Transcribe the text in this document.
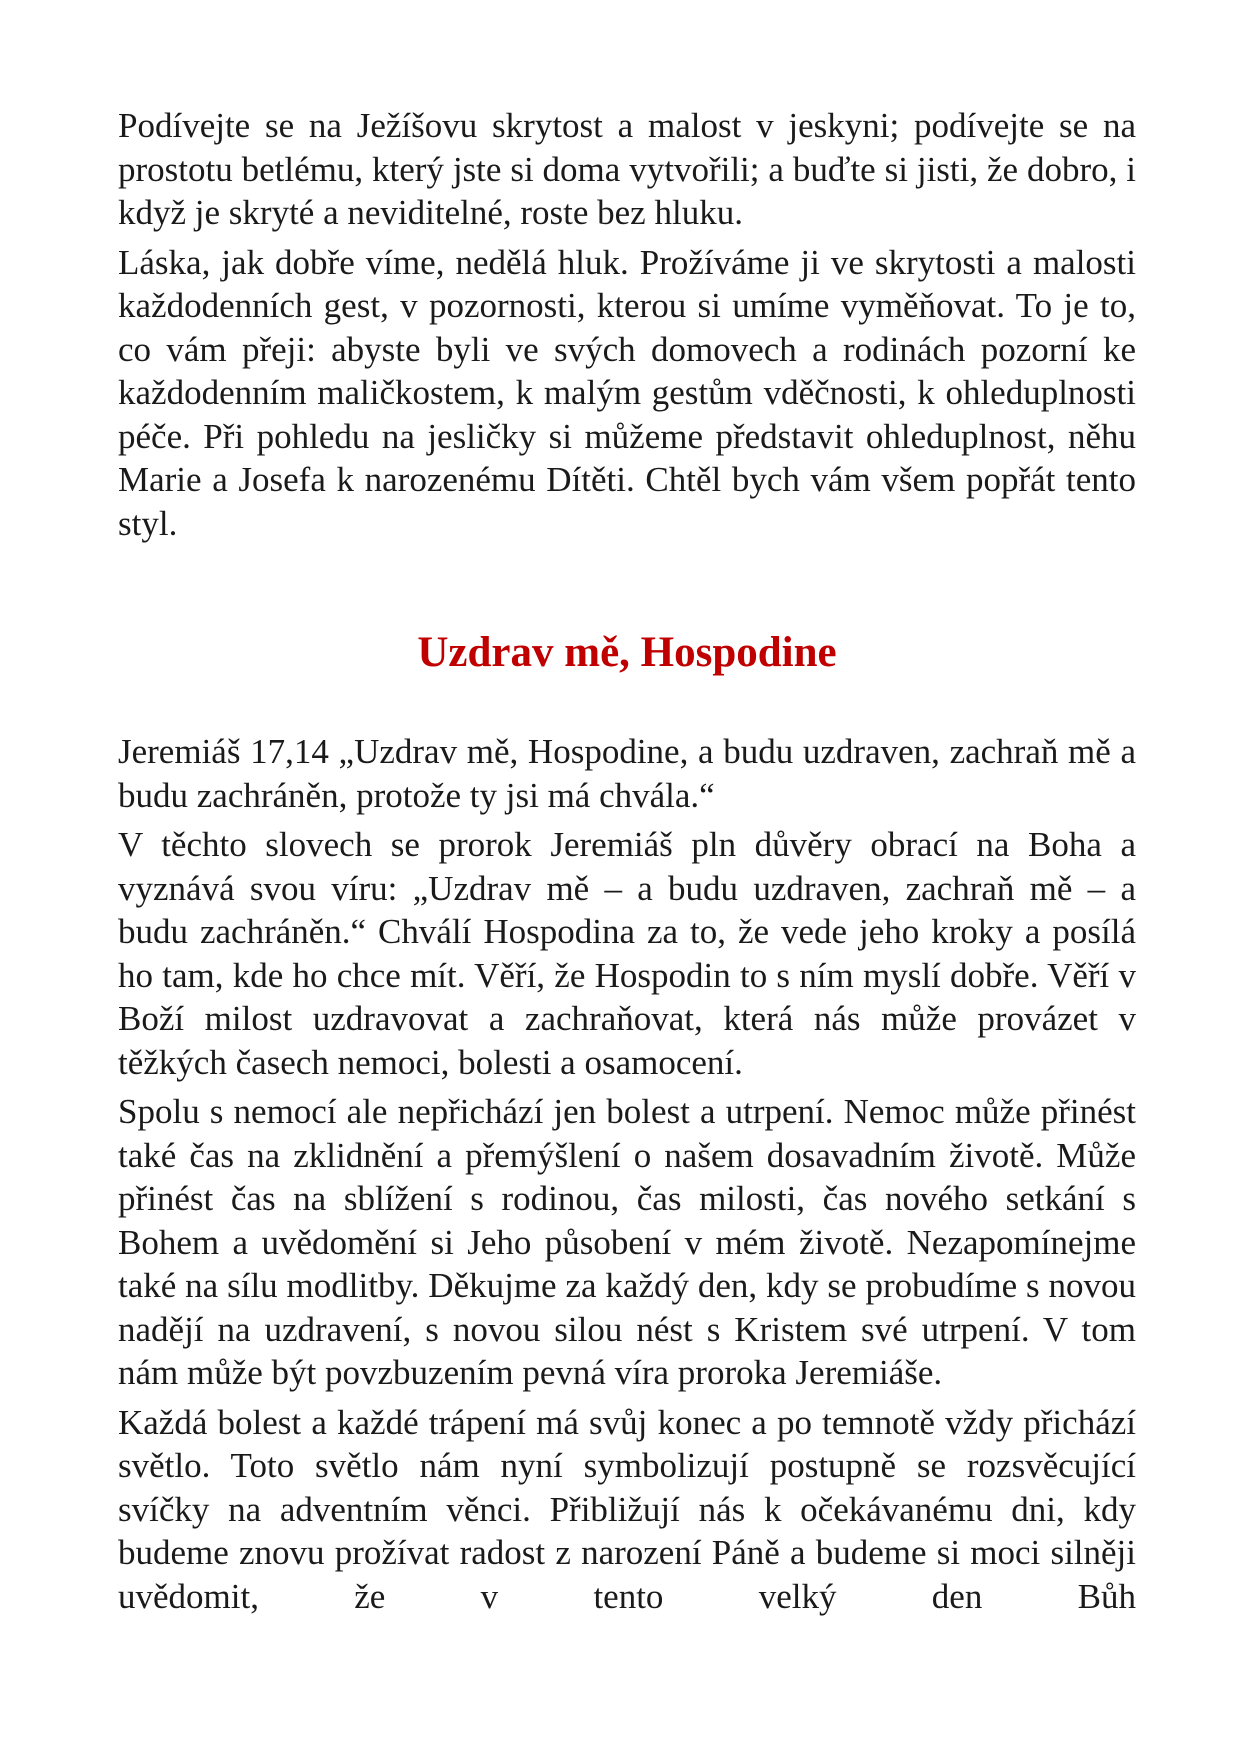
Podívejte se na Ježíšovu skrytost a malost v jeskyni; podívejte se na prostotu betlému, který jste si doma vytvořili; a buďte si jisti, že dobro, i když je skryté a neviditelné, roste bez hluku.

Láska, jak dobře víme, nedělá hluk. Prožíváme ji ve skrytosti a malosti každodenních gest, v pozornosti, kterou si umíme vyměňovat. To je to, co vám přeji: abyste byli ve svých domovech a rodinách pozorní ke každodenním maličkostem, k malým gestům vděčnosti, k ohleduplnosti péče. Při pohledu na jesličky si můžeme představit ohleduplnost, něhu Marie a Josefa k narozenému Dítěti. Chtěl bych vám všem popřát tento styl.

Uzdrav mě, Hospodine

Jeremiáš 17,14 „Uzdrav mě, Hospodine, a budu uzdraven, zachraň mě a budu zachráněn, protože ty jsi má chvála.“

V těchto slovech se prorok Jeremiáš pln důvěry obrací na Boha a vyznává svou víru: „Uzdrav mě – a budu uzdraven, zachraň mě – a budu zachráněn.“ Chválí Hospodina za to, že vede jeho kroky a posílá ho tam, kde ho chce mít. Věří, že Hospodin to s ním myslí dobře. Věří v Boží milost uzdravovat a zachraňovat, která nás může provázet v těžkých časech nemoci, bolesti a osamocení.

Spolu s nemocí ale nepřichází jen bolest a utrpení. Nemoc může přinést také čas na zklidnění a přemýšlení o našem dosavadním životě. Může přinést čas na sblížení s rodinou, čas milosti, čas nového setkání s Bohem a uvědomění si Jeho působení v mém životě. Nezapomínejme také na sílu modlitby. Děkujme za každý den, kdy se probudíme s novou nadějí na uzdravení, s novou silou nést s Kristem své utrpení. V tom nám může být povzbuzením pevná víra proroka Jeremiáše.

Každá bolest a každé trápení má svůj konec a po temnotě vždy přichází světlo. Toto světlo nám nyní symbolizují postupně se rozsvěcující svíčky na adventním věnci. Přibližují nás k očekávanému dni, kdy budeme znovu prožívat radost z narození Páně a budeme si moci silněji uvědomit, že v tento velký den Bůh
